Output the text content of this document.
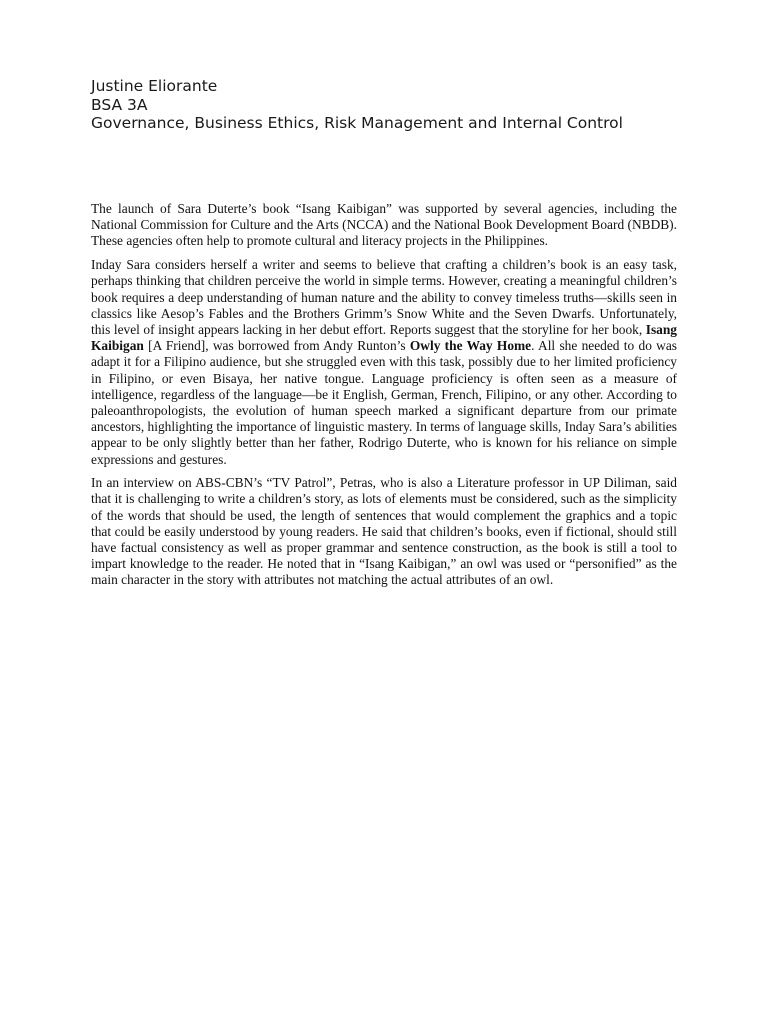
Justine Eliorante
BSA 3A
Governance, Business Ethics, Risk Management and Internal Control

The launch of Sara Duterte’s book “Isang Kaibigan” was supported by several agencies, including the National Commission for Culture and the Arts (NCCA) and the National Book Development Board (NBDB). These agencies often help to promote cultural and literacy projects in the Philippines.

Inday Sara considers herself a writer and seems to believe that crafting a children’s book is an easy task, perhaps thinking that children perceive the world in simple terms. However, creating a meaningful children’s book requires a deep understanding of human nature and the ability to convey timeless truths—skills seen in classics like Aesop’s Fables and the Brothers Grimm’s Snow White and the Seven Dwarfs. Unfortunately, this level of insight appears lacking in her debut effort. Reports suggest that the storyline for her book, Isang Kaibigan [A Friend], was borrowed from Andy Runton’s Owly the Way Home. All she needed to do was adapt it for a Filipino audience, but she struggled even with this task, possibly due to her limited proficiency in Filipino, or even Bisaya, her native tongue. Language proficiency is often seen as a measure of intelligence, regardless of the language—be it English, German, French, Filipino, or any other. According to paleoanthropologists, the evolution of human speech marked a significant departure from our primate ancestors, highlighting the importance of linguistic mastery. In terms of language skills, Inday Sara’s abilities appear to be only slightly better than her father, Rodrigo Duterte, who is known for his reliance on simple expressions and gestures.

In an interview on ABS-CBN’s “TV Patrol”, Petras, who is also a Literature professor in UP Diliman, said that it is challenging to write a children’s story, as lots of elements must be considered, such as the simplicity of the words that should be used, the length of sentences that would complement the graphics and a topic that could be easily understood by young readers. He said that children’s books, even if fictional, should still have factual consistency as well as proper grammar and sentence construction, as the book is still a tool to impart knowledge to the reader. He noted that in “Isang Kaibigan,” an owl was used or “personified” as the main character in the story with attributes not matching the actual attributes of an owl.
